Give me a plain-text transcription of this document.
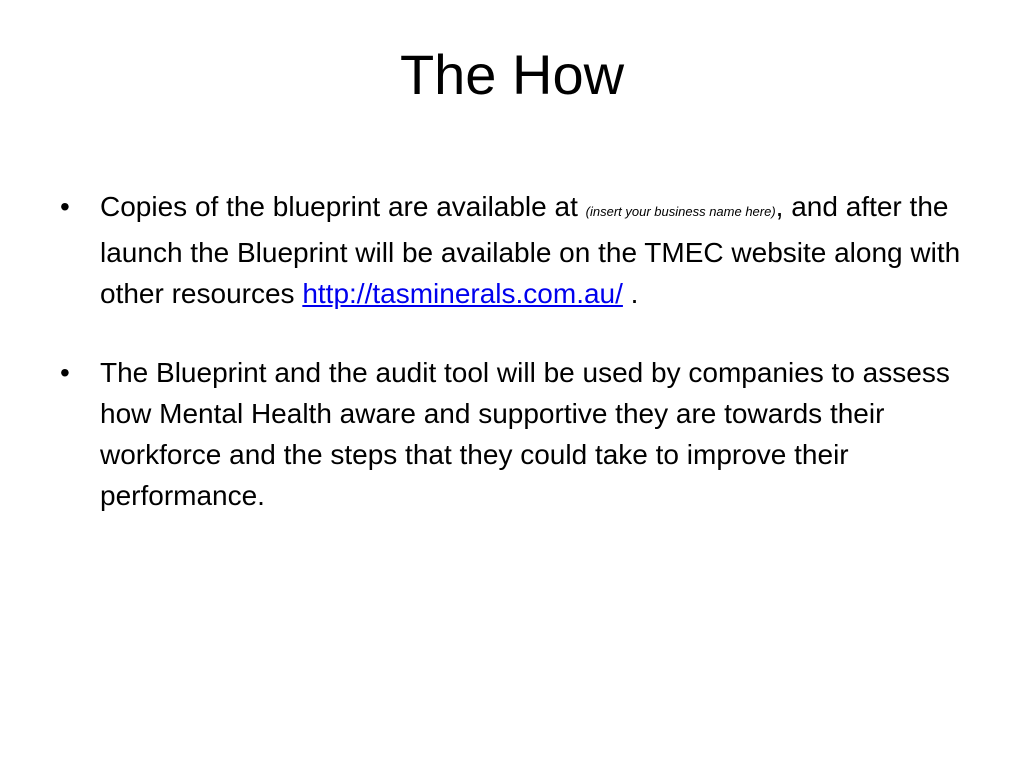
The How
•	Copies of the blueprint are available at (insert your business name here), and after the launch the Blueprint will be available on the TMEC website along with other resources http://tasminerals.com.au/ .
•	The Blueprint and the audit tool will be used by companies to assess how Mental Health aware and supportive they are towards their workforce and the steps that they could take to improve their performance.
